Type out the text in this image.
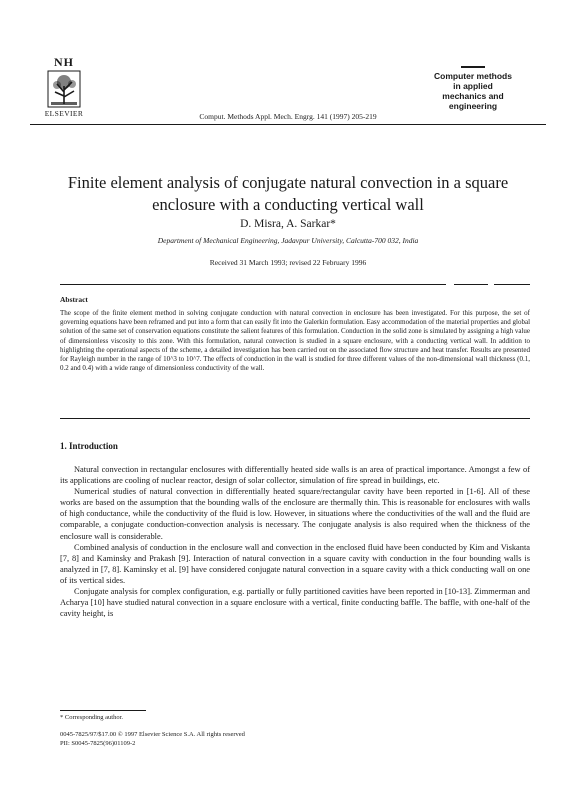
NH
ELSEVIER	Comput. Methods Appl. Mech. Engrg. 141 (1997) 205-219
Computer methods
in applied
mechanics and
engineering
Finite element analysis of conjugate natural convection in a square enclosure with a conducting vertical wall
D. Misra, A. Sarkar*
Department of Mechanical Engineering, Jadavpur University, Calcutta-700 032, India
Received 31 March 1993; revised 22 February 1996
Abstract
The scope of the finite element method in solving conjugate conduction with natural convection in enclosure has been investigated. For this purpose, the set of governing equations have been reframed and put into a form that can easily fit into the Galerkin formulation. Easy accommodation of the material properties and global solution of the same set of conservation equations constitute the salient features of this formulation. Conduction in the solid zone is simulated by assigning a high value of dimensionless viscosity to this zone. With this formulation, natural convection is studied in a square enclosure, with a conducting vertical wall. In addition to highlighting the operational aspects of the scheme, a detailed investigation has been carried out on the associated flow structure and heat transfer. Results are presented for Rayleigh number in the range of 10^3 to 10^7. The effects of conduction in the wall is studied for three different values of the non-dimensional wall thickness (0.1, 0.2 and 0.4) with a wide range of dimensionless conductivity of the wall.
1. Introduction

Natural convection in rectangular enclosures with differentially heated side walls is an area of practical importance. Amongst a few of its applications are cooling of nuclear reactor, design of solar collector, simulation of fire spread in buildings, etc.

Numerical studies of natural convection in differentially heated square/rectangular cavity have been reported in [1-6]. All of these works are based on the assumption that the bounding walls of the enclosure are thermally thin. This is reasonable for enclosures with walls of high conductance, while the conductivity of the fluid is low. However, in situations where the conductivities of the wall and the fluid are comparable, a conjugate conduction-convection analysis is necessary. The conjugate analysis is also required when the thickness of the enclosure wall is considerable.

Combined analysis of conduction in the enclosure wall and convection in the enclosed fluid have been conducted by Kim and Viskanta [7, 8] and Kaminsky and Prakash [9]. Interaction of natural convection in a square cavity with conduction in the four bounding walls is analyzed in [7, 8]. Kaminsky et al. [9] have considered conjugate natural convection in a square cavity with a thick conducting wall on one of its vertical sides.

Conjugate analysis for complex configuration, e.g. partially or fully partitioned cavities have been reported in [10-13]. Zimmerman and Acharya [10] have studied natural convection in a square enclosure with a vertical, finite conducting baffle. The baffle, with one-half of the cavity height, is

* Corresponding author.
0045-7825/97/$17.00 © 1997 Elsevier Science S.A. All rights reserved
PII: S0045-7825(96)01109-2
